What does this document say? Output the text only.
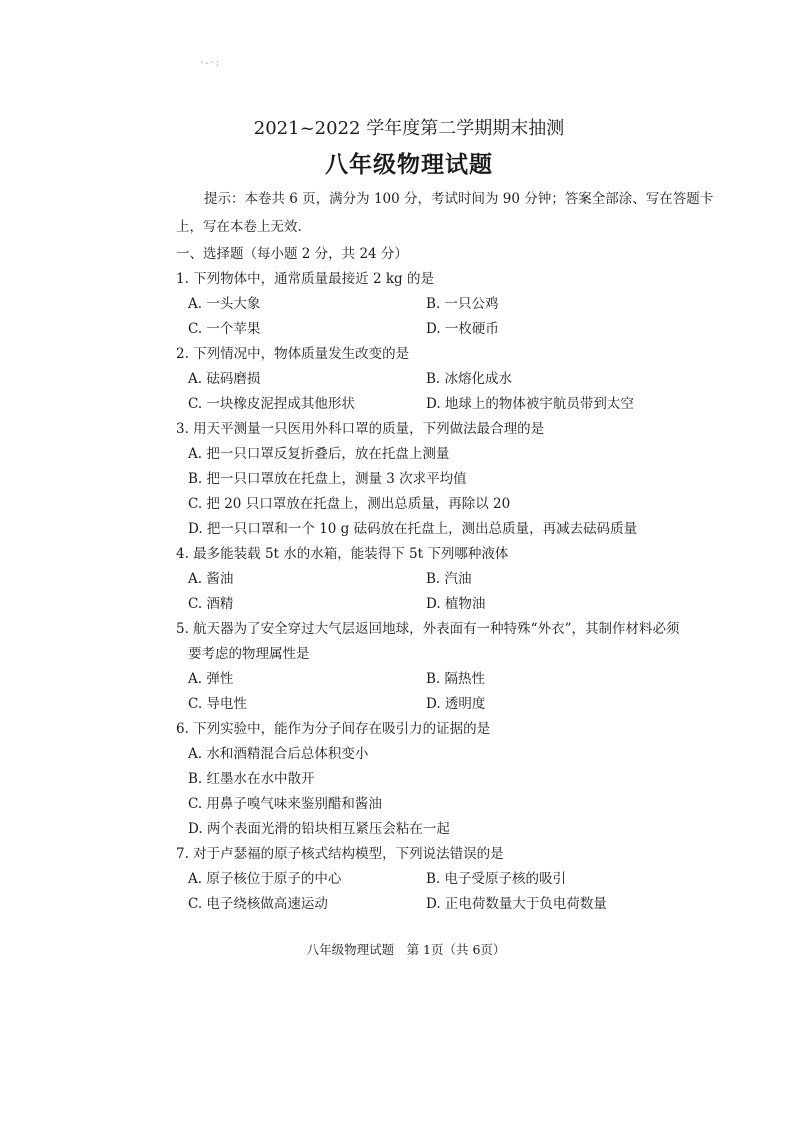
·-·:
2021~2022 学年度第二学期期末抽测
八年级物理试题
提示：本卷共 6 页，满分为 100 分，考试时间为 90 分钟；答案全部涂、写在答题卡
上，写在本卷上无效.
一、选择题（每小题 2 分，共 24 分）
1. 下列物体中，通常质量最接近 2 kg 的是
A. 一头大象	B. 一只公鸡
C. 一个苹果	D. 一枚硬币
2. 下列情况中，物体质量发生改变的是
A. 砝码磨损	B. 冰熔化成水
C. 一块橡皮泥捏成其他形状	D. 地球上的物体被宇航员带到太空
3. 用天平测量一只医用外科口罩的质量，下列做法最合理的是
A. 把一只口罩反复折叠后，放在托盘上测量
B. 把一只口罩放在托盘上，测量 3 次求平均值
C. 把 20 只口罩放在托盘上，测出总质量，再除以 20
D. 把一只口罩和一个 10 g 砝码放在托盘上，测出总质量，再减去砝码质量
4. 最多能装载 5t 水的水箱，能装得下 5t 下列哪种液体
A. 酱油	B. 汽油
C. 酒精	D. 植物油
5. 航天器为了安全穿过大气层返回地球，外表面有一种特殊“外衣”，其制作材料必须
要考虑的物理属性是
A. 弹性	B. 隔热性
C. 导电性	D. 透明度
6. 下列实验中，能作为分子间存在吸引力的证据的是
A. 水和酒精混合后总体积变小
B. 红墨水在水中散开
C. 用鼻子嗅气味来鉴别醋和酱油
D. 两个表面光滑的铅块相互紧压会粘在一起
7. 对于卢瑟福的原子核式结构模型，下列说法错误的是
A. 原子核位于原子的中心	B. 电子受原子核的吸引
C. 电子绕核做高速运动	D. 正电荷数量大于负电荷数量
八年级物理试题　第 1页（共 6页）
